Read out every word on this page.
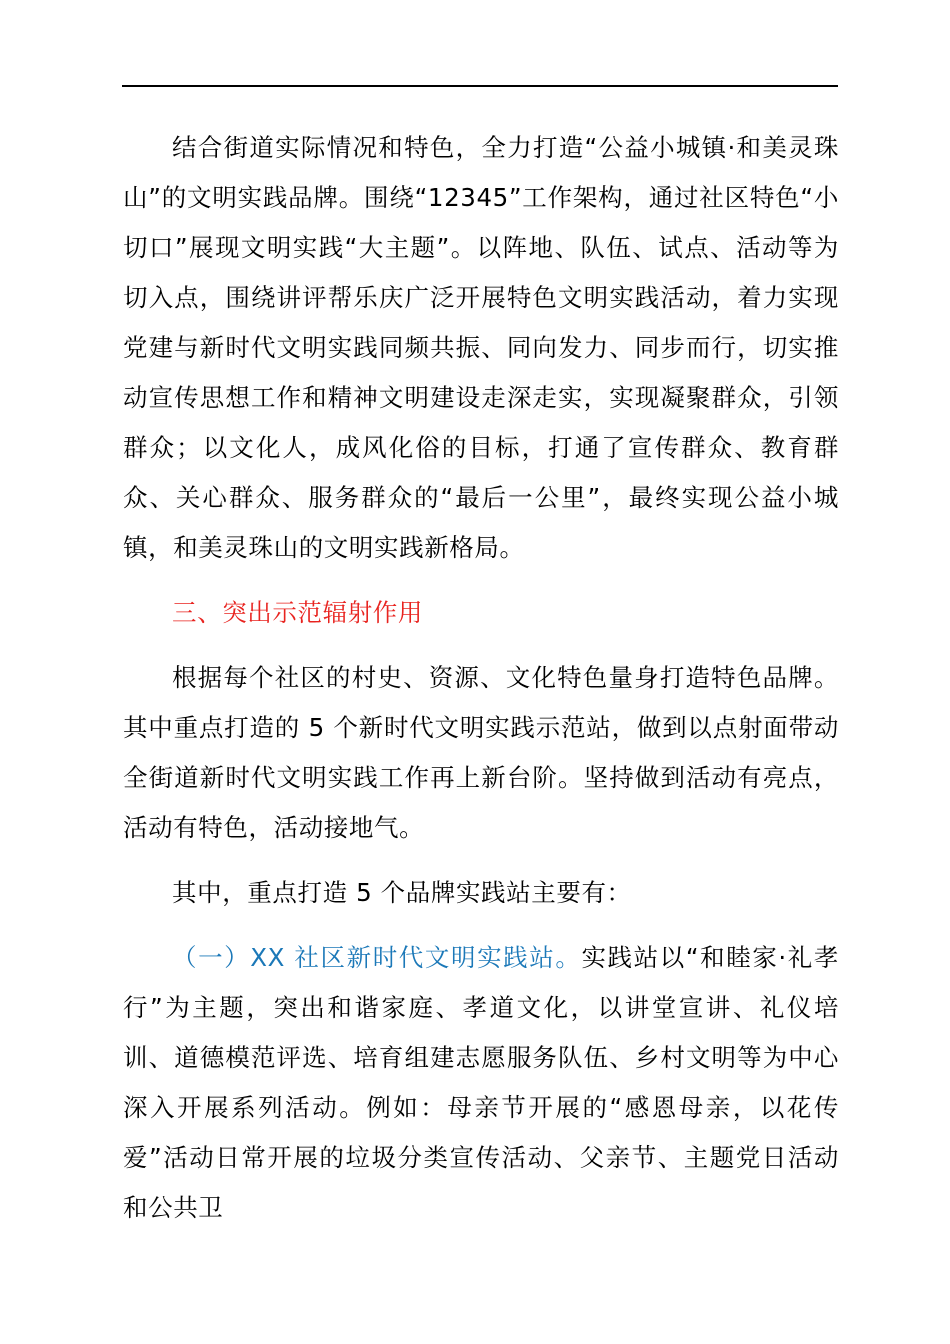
结合街道实际情况和特色，全力打造“公益小城镇·和美灵珠山”的文明实践品牌。围绕“12345”工作架构，通过社区特色“小切口”展现文明实践“大主题”。以阵地、队伍、试点、活动等为切入点，围绕讲评帮乐庆广泛开展特色文明实践活动，着力实现党建与新时代文明实践同频共振、同向发力、同步而行，切实推动宣传思想工作和精神文明建设走深走实，实现凝聚群众，引领群众；以文化人，成风化俗的目标，打通了宣传群众、教育群众、关心群众、服务群众的“最后一公里”，最终实现公益小城镇，和美灵珠山的文明实践新格局。

三、突出示范辐射作用

根据每个社区的村史、资源、文化特色量身打造特色品牌。其中重点打造的 5 个新时代文明实践示范站，做到以点射面带动全街道新时代文明实践工作再上新台阶。坚持做到活动有亮点，活动有特色，活动接地气。

其中，重点打造 5 个品牌实践站主要有：

（一）XX 社区新时代文明实践站。实践站以“和睦家·礼孝行”为主题，突出和谐家庭、孝道文化，以讲堂宣讲、礼仪培训、道德模范评选、培育组建志愿服务队伍、乡村文明等为中心深入开展系列活动。例如：母亲节开展的“感恩母亲，以花传爱”活动日常开展的垃圾分类宣传活动、父亲节、主题党日活动和公共卫
